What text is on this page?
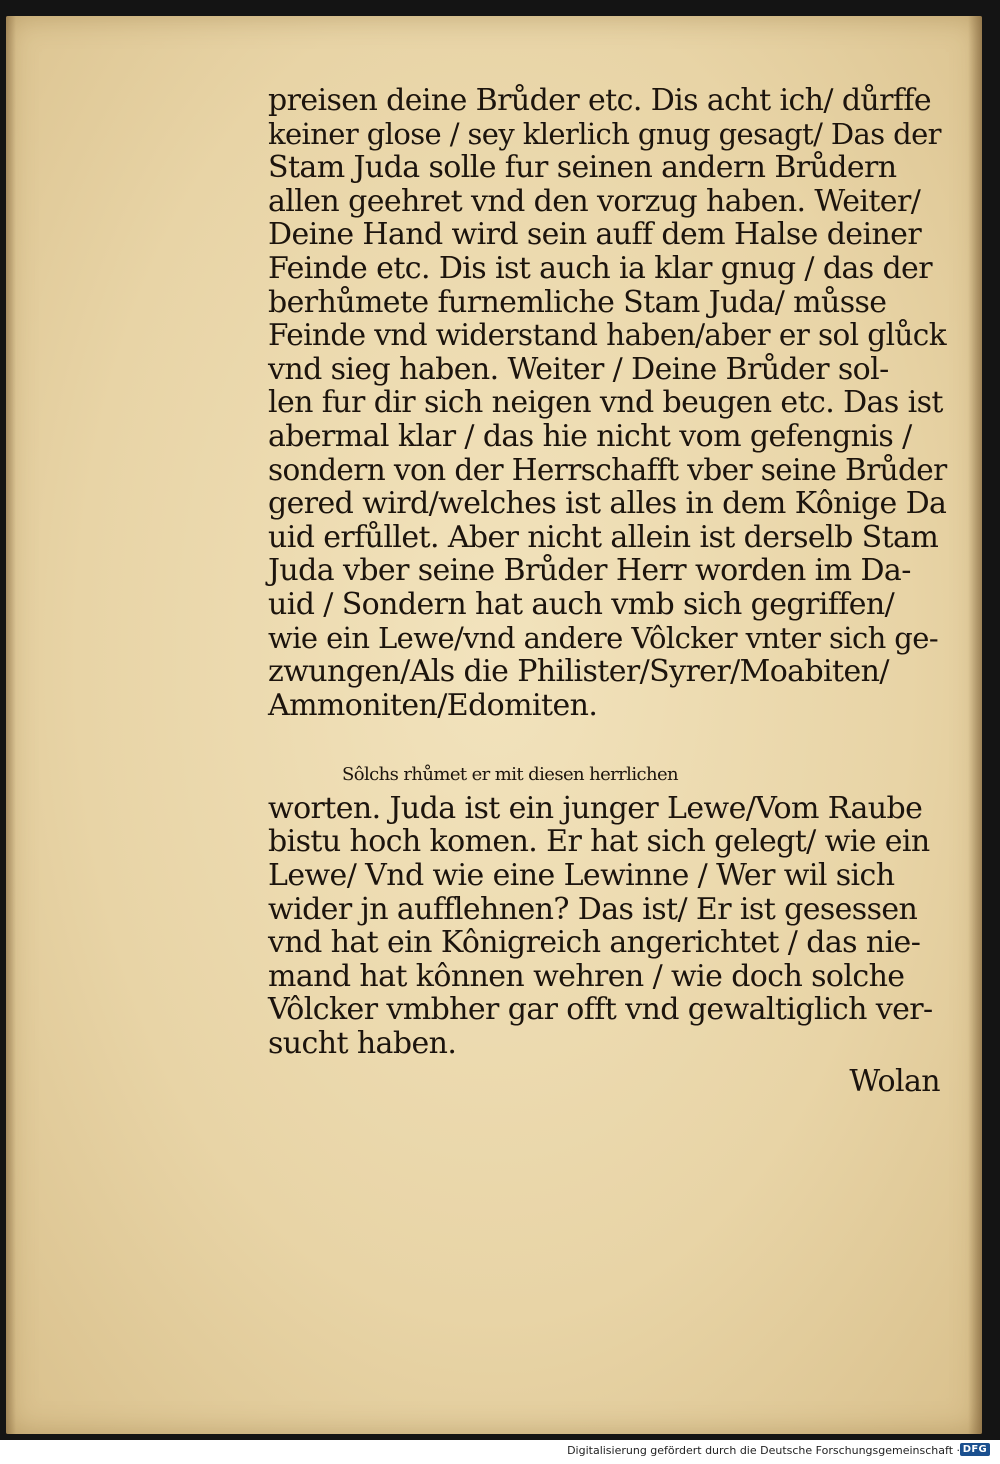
preisen deine Brůder etc. Dis acht ich/ důrffe
keiner glose / sey klerlich gnug gesagt/ Das der
Stam Juda solle fur seinen andern Brůdern
allen geehret vnd den vorzug haben. Weiter/
Deine Hand wird sein auff dem Halse deiner
Feinde etc. Dis ist auch ia klar gnug / das der
berhůmete furnemliche Stam Juda/ můsse
Feinde vnd widerstand haben/aber er sol glůck
vnd sieg haben. Weiter / Deine Brůder sol-
len fur dir sich neigen vnd beugen etc. Das ist
abermal klar / das hie nicht vom gefengnis /
sondern von der Herrschafft vber seine Brůder
gered wird/welches ist alles in dem Kônige Da
uid erfůllet. Aber nicht allein ist derselb Stam
Juda vber seine Brůder Herr worden im Da-
uid / Sondern hat auch vmb sich gegriffen/
wie ein Lewe/vnd andere Vôlcker vnter sich ge-
zwungen/Als die Philister/Syrer/Moabiten/
Ammoniten/Edomiten.
Sôlchs rhůmet er mit diesen herrlichen
worten. Juda ist ein junger Lewe/Vom Raube
bistu hoch komen. Er hat sich gelegt/ wie ein
Lewe/ Vnd wie eine Lewinne / Wer wil sich
wider jn aufflehnen? Das ist/ Er ist gesessen
vnd hat ein Kônigreich angerichtet / das nie-
mand hat kônnen wehren / wie doch solche
Vôlcker vmbher gar offt vnd gewaltiglich ver-
sucht haben.
Wolan
Digitalisierung gefördert durch die Deutsche Forschungsgemeinschaft · DFG
